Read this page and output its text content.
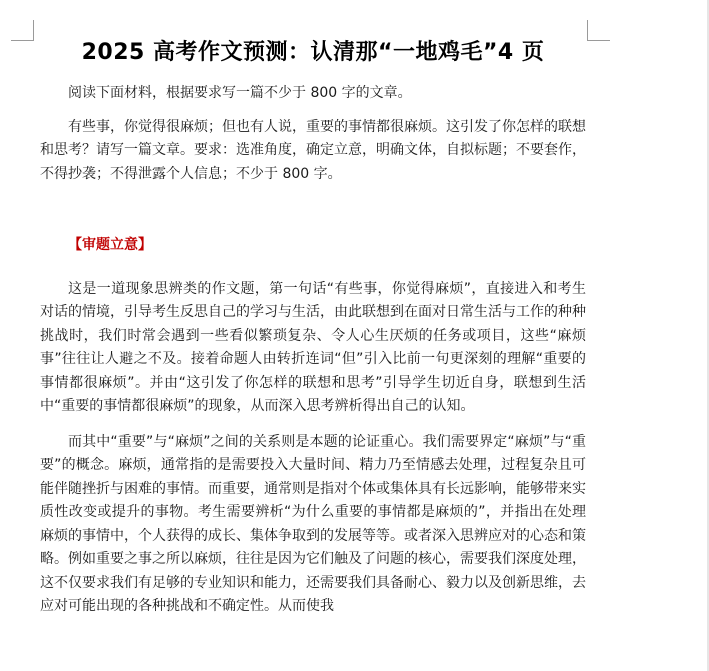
2025 高考作文预测：认清那“一地鸡毛”4 页

阅读下面材料，根据要求写一篇不少于 800 字的文章。

有些事，你觉得很麻烦；但也有人说，重要的事情都很麻烦。这引发了你怎样的联想和思考？请写一篇文章。要求：选准角度，确定立意，明确文体，自拟标题；不要套作，不得抄袭；不得泄露个人信息；不少于 800 字。

【审题立意】

这是一道现象思辨类的作文题，第一句话“有些事，你觉得麻烦”，直接进入和考生对话的情境，引导考生反思自己的学习与生活，由此联想到在面对日常生活与工作的种种挑战时，我们时常会遇到一些看似繁琐复杂、令人心生厌烦的任务或项目，这些“麻烦事”往往让人避之不及。接着命题人由转折连词“但”引入比前一句更深刻的理解“重要的事情都很麻烦”。并由“这引发了你怎样的联想和思考”引导学生切近自身，联想到生活中“重要的事情都很麻烦”的现象，从而深入思考辨析得出自己的认知。

而其中“重要”与“麻烦”之间的关系则是本题的论证重心。我们需要界定“麻烦”与“重要”的概念。麻烦，通常指的是需要投入大量时间、精力乃至情感去处理，过程复杂且可能伴随挫折与困难的事情。而重要，通常则是指对个体或集体具有长远影响，能够带来实质性改变或提升的事物。考生需要辨析“为什么重要的事情都是麻烦的”，并指出在处理麻烦的事情中，个人获得的成长、集体争取到的发展等等。或者深入思辨应对的心态和策略。例如重要之事之所以麻烦，往往是因为它们触及了问题的核心，需要我们深度处理，这不仅要求我们有足够的专业知识和能力，还需要我们具备耐心、毅力以及创新思维，去应对可能出现的各种挑战和不确定性。从而使我
